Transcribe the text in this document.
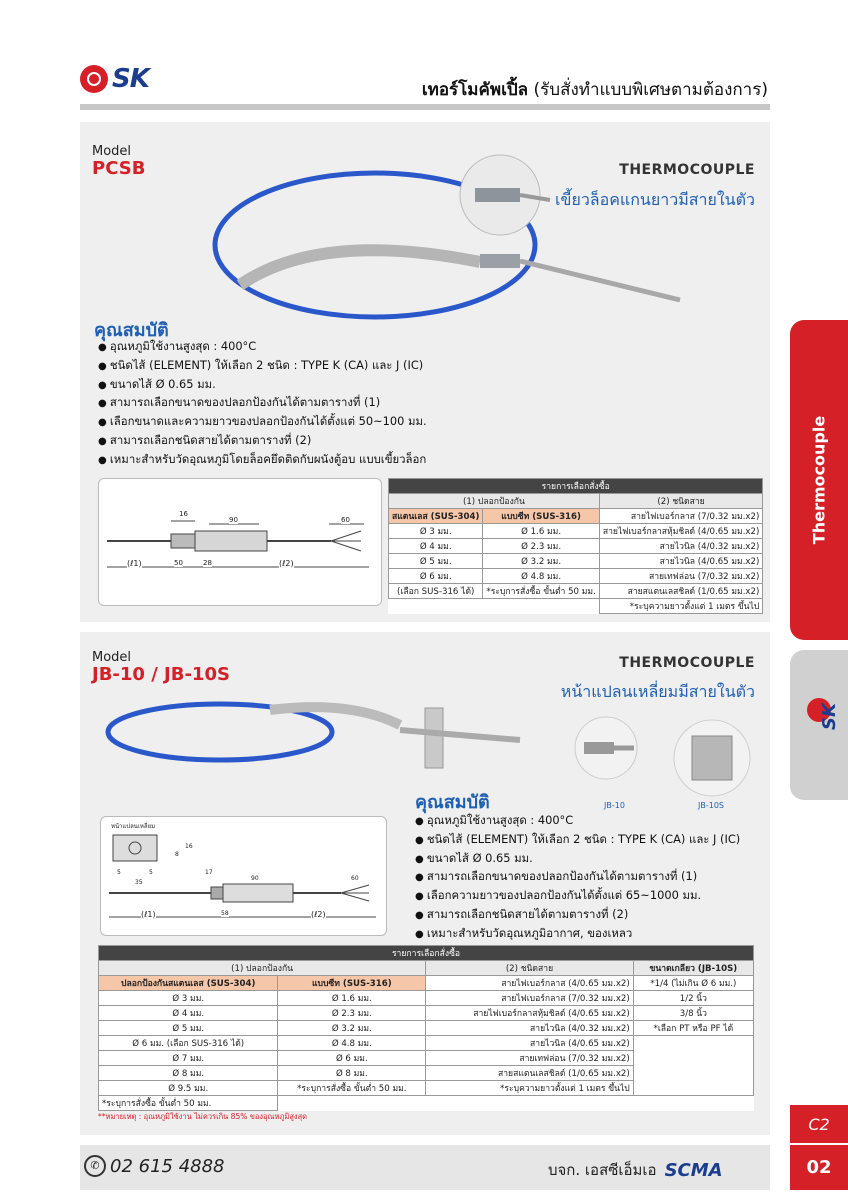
SK	เทอร์โมคัพเปิ้ล (รับสั่งทำแบบพิเศษตามต้องการ)
Model
PCSB	THERMOCOUPLE
เขี้ยวล็อคแกนยาวมีสายในตัว
คุณสมบัติ
● อุณหภูมิใช้งานสูงสุด : 400°C
● ชนิดไส้ (ELEMENT) ให้เลือก 2 ชนิด : TYPE K (CA) และ J (IC)
● ขนาดไส้ Ø 0.65 มม.
● สามารถเลือกขนาดของปลอกป้องกันได้ตามตารางที่ (1)
● เลือกขนาดและความยาวของปลอกป้องกันได้ตั้งแต่ 50~100 มม.
● สามารถเลือกชนิดสายได้ตามตารางที่ (2)
● เหมาะสำหรับวัดอุณหภูมิโดยล็อคยึดติดกับผนังตู้อบ แบบเขี้ยวล็อก
16
90	60
(ℓ1)	50	28	(ℓ2)
รายการเลือกสั่งซื้อ		
(1) ปลอกป้องกัน		(2) ชนิดสาย
สแตนเลส (SUS-304)	แบบซีท (SUS-316)	สายไฟเบอร์กลาส (7/0.32 มม.x2)
Ø 3 มม.	Ø 1.6 มม.	สายไฟเบอร์กลาสหุ้มชิลด์ (4/0.65 มม.x2)
Ø 4 มม.	Ø 2.3 มม.	สายไวนิล (4/0.32 มม.x2)
Ø 5 มม.	Ø 3.2 มม.	สายไวนิล (4/0.65 มม.x2)
Ø 6 มม.	Ø 4.8 มม.	สายเทฟล่อน (7/0.32 มม.x2)
(เลือก SUS-316 ได้)	*ระบุการสั่งซื้อ ขั้นต่ำ 50 มม.	สายสแตนเลสชิลด์ (1/0.65 มม.x2)
		*ระบุความยาวตั้งแต่ 1 เมตร ขึ้นไป
Model
JB-10 / JB-10S
THERMOCOUPLE
หน้าแปลนเหลี่ยมมีสายในตัว
JB-10	JB-10S
หน้าแปลนเหลี่ยม
16
8
5	5
35
17
90	60
(ℓ1)	58	(ℓ2)
คุณสมบัติ
● อุณหภูมิใช้งานสูงสุด : 400°C
● ชนิดไส้ (ELEMENT) ให้เลือก 2 ชนิด : TYPE K (CA) และ J (IC)
● ขนาดไส้ Ø 0.65 มม.
● สามารถเลือกขนาดของปลอกป้องกันได้ตามตารางที่ (1)
● เลือกความยาวของปลอกป้องกันได้ตั้งแต่ 65~1000 มม.
● สามารถเลือกชนิดสายได้ตามตารางที่ (2)
● เหมาะสำหรับวัดอุณหภูมิอากาศ, ของเหลว
รายการเลือกสั่งซื้อ			
(1) ปลอกป้องกัน		(2) ชนิดสาย	ขนาดเกลียว (JB-10S)
ปลอกป้องกันสแตนเลส (SUS-304)	แบบซีท (SUS-316)	สายไฟเบอร์กลาส (4/0.65 มม.x2)	*1/4 (ไม่เกิน Ø 6 มม.)
Ø 3 มม.	Ø 1.6 มม.	สายไฟเบอร์กลาส (7/0.32 มม.x2)	1/2 นิ้ว
Ø 4 มม.	Ø 2.3 มม.	สายไฟเบอร์กลาสหุ้มชิลด์ (4/0.65 มม.x2)	3/8 นิ้ว
Ø 5 มม.	Ø 3.2 มม.	สายไวนิล (4/0.32 มม.x2)	*เลือก PT หรือ PF ได้
Ø 6 มม. (เลือก SUS-316 ได้)	Ø 4.8 มม.	สายไวนิล (4/0.65 มม.x2)	
Ø 7 มม.	Ø 6 มม.	สายเทฟล่อน (7/0.32 มม.x2)	
Ø 8 มม.	Ø 8 มม.	สายสแตนเลสชิลด์ (1/0.65 มม.x2)	
Ø 9.5 มม.	*ระบุการสั่งซื้อ ขั้นต่ำ 50 มม.	*ระบุความยาวตั้งแต่ 1 เมตร ขึ้นไป	
*ระบุการสั่งซื้อ ขั้นต่ำ 50 มม.			
**หมายเหตุ : อุณหภูมิใช้งาน ไม่ควรเกิน 85% ของอุณหภูมิสูงสุด
Thermocouple
SK
C2
✆ 02 615 4888	บจก. เอสซีเอ็มเอ SCMA	02
